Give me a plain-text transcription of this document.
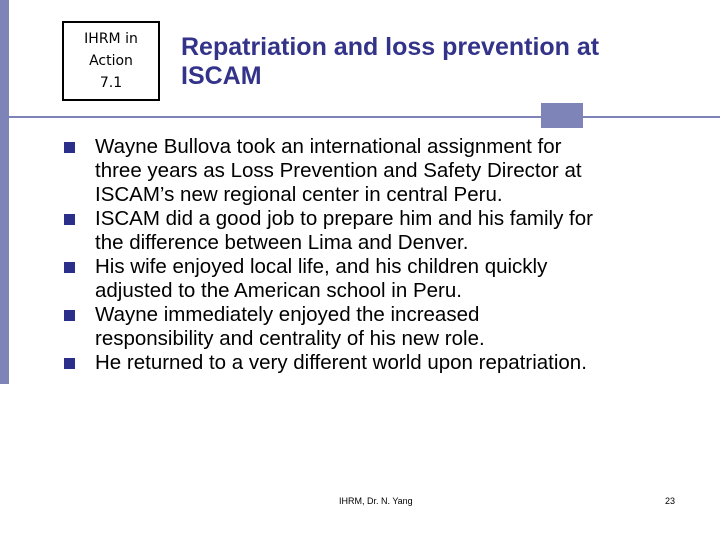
IHRM in
Action
7.1
Repatriation and loss prevention at
ISCAM
Wayne Bullova took an international assignment for
three years as Loss Prevention and Safety Director at
ISCAM’s new regional center in central Peru.
ISCAM did a good job to prepare him and his family for
the difference between Lima and Denver.
His wife enjoyed local life, and his children quickly
adjusted to the American school in Peru.
Wayne immediately enjoyed the increased
responsibility and centrality of his new role.
He returned to a very different world upon repatriation.
IHRM, Dr. N. Yang	23
